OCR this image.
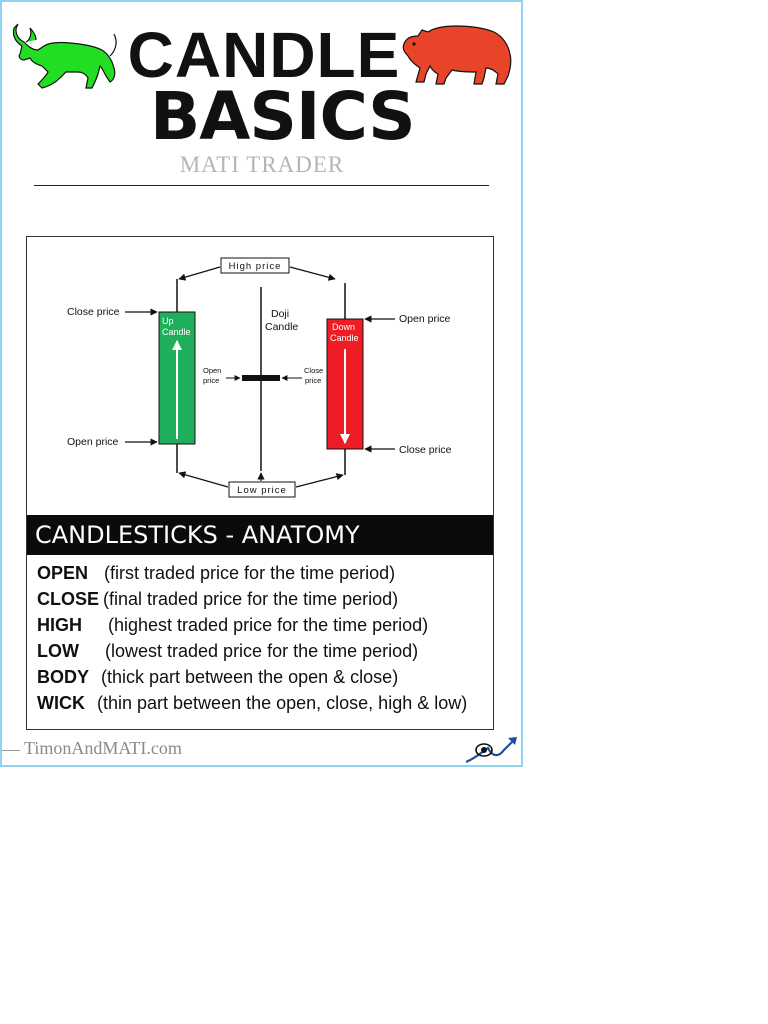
CANDLE
BASICS
MATI TRADER
High price
Up
Candle
Close price
Open price
Doji
Candle
Open
price
Close
price
Down
Candle
Open price
Close price
Low price
CANDLESTICKS - ANATOMY
OPEN (first traded price for the time period)
CLOSE (final traded price for the time period)
HIGH (highest traded price for the time period)
LOW (lowest traded price for the time period)
BODY (thick part between the open & close)
WICK (thin part between the open, close, high & low)
TimonAndMATI.com
